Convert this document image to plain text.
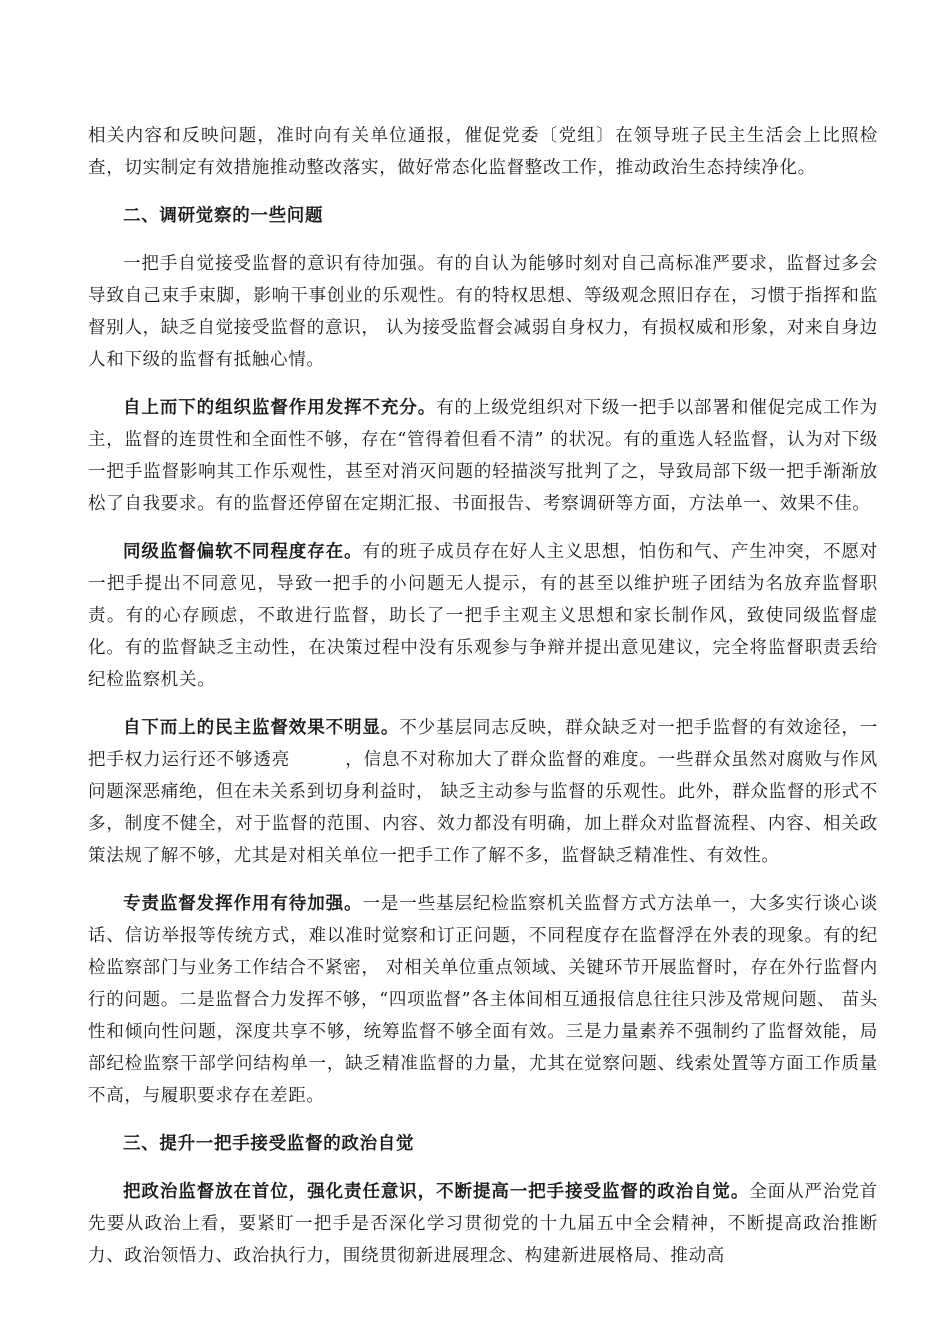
相关内容和反映问题，准时向有关单位通报，催促党委〔党组〕在领导班子民主生活会上比照检查，切实制定有效措施推动整改落实，做好常态化监督整改工作，推动政治生态持续净化。

二、调研觉察的一些问题

一把手自觉接受监督的意识有待加强。有的自认为能够时刻对自己高标准严要求，监督过多会导致自己束手束脚，影响干事创业的乐观性。有的特权思想、等级观念照旧存在，习惯于指挥和监督别人，缺乏自觉接受监督的意识， 认为接受监督会减弱自身权力，有损权威和形象，对来自身边人和下级的监督有抵触心情。

自上而下的组织监督作用发挥不充分。有的上级党组织对下级一把手以部署和催促完成工作为主，监督的连贯性和全面性不够，存在“管得着但看不清” 的状况。有的重选人轻监督，认为对下级一把手监督影响其工作乐观性，甚至对消灭问题的轻描淡写批判了之，导致局部下级一把手渐渐放松了自我要求。有的监督还停留在定期汇报、书面报告、考察调研等方面，方法单一、效果不佳。

同级监督偏软不同程度存在。有的班子成员存在好人主义思想，怕伤和气、产生冲突，不愿对一把手提出不同意见，导致一把手的小问题无人提示，有的甚至以维护班子团结为名放弃监督职责。有的心存顾虑，不敢进行监督，助长了一把手主观主义思想和家长制作风，致使同级监督虚化。有的监督缺乏主动性，在决策过程中没有乐观参与争辩并提出意见建议，完全将监督职责丢给纪检监察机关。

自下而上的民主监督效果不明显。不少基层同志反映，群众缺乏对一把手监督的有效途径，一把手权力运行还不够透亮　　　，信息不对称加大了群众监督的难度。一些群众虽然对腐败与作风问题深恶痛绝，但在未关系到切身利益时， 缺乏主动参与监督的乐观性。此外，群众监督的形式不多，制度不健全，对于监督的范围、内容、效力都没有明确，加上群众对监督流程、内容、相关政策法规了解不够，尤其是对相关单位一把手工作了解不多，监督缺乏精准性、有效性。

专责监督发挥作用有待加强。一是一些基层纪检监察机关监督方式方法单一，大多实行谈心谈话、信访举报等传统方式，难以准时觉察和订正问题，不同程度存在监督浮在外表的现象。有的纪检监察部门与业务工作结合不紧密， 对相关单位重点领域、关键环节开展监督时，存在外行监督内行的问题。二是监督合力发挥不够，“四项监督”各主体间相互通报信息往往只涉及常规问题、 苗头性和倾向性问题，深度共享不够，统筹监督不够全面有效。三是力量素养不强制约了监督效能，局部纪检监察干部学问结构单一，缺乏精准监督的力量，尤其在觉察问题、线索处置等方面工作质量不高，与履职要求存在差距。

三、提升一把手接受监督的政治自觉

把政治监督放在首位，强化责任意识，不断提高一把手接受监督的政治自觉。全面从严治党首先要从政治上看，要紧盯一把手是否深化学习贯彻党的十九届五中全会精神，不断提高政治推断力、政治领悟力、政治执行力，围绕贯彻新进展理念、构建新进展格局、推动高
